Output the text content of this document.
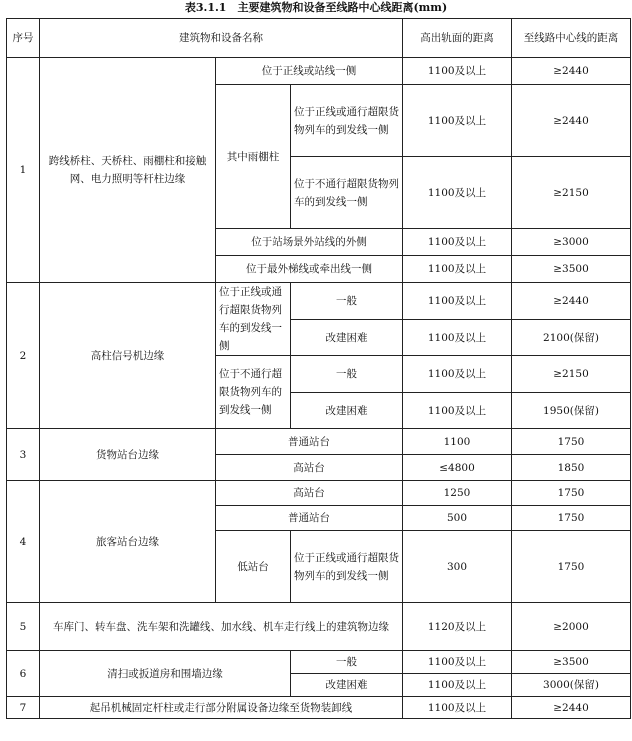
表3.1.1　主要建筑物和设备至线路中心线距离(mm)
序号	建筑物和设备名称			高出轨面的距离	至线路中心线的距离
1	跨线桥柱、天桥柱、雨棚柱和接触网、电力照明等杆柱边缘	位于正线或站线一侧		1100及以上	≥2440
		其中雨棚柱	位于正线或通行超限货物列车的到发线一侧	1100及以上	≥2440
			位于不通行超限货物列车的到发线一侧	1100及以上	≥2150
		位于站场景外站线的外侧		1100及以上	≥3000
		位于最外梯线或牵出线一侧		1100及以上	≥3500
2	高柱信号机边缘	位于正线或通行超限货物列车的到发线一侧	一般	1100及以上	≥2440
			改建困难	1100及以上	2100(保留)
		位于不通行超限货物列车的到发线一侧	一般	1100及以上	≥2150
			改建困难	1100及以上	1950(保留)
3	货物站台边缘	普通站台		1100	1750
		高站台		≤4800	1850
4	旅客站台边缘	高站台		1250	1750
		普通站台		500	1750
		低站台	位于正线或通行超限货物列车的到发线一侧	300	1750
5	车库门、转车盘、洗车架和洗罐线、加水线、机车走行线上的建筑物边缘			1120及以上	≥2000
6	清扫或扳道房和围墙边缘		一般	1100及以上	≥3500
			改建困难	1100及以上	3000(保留)
7	起吊机械固定杆柱或走行部分附属设备边缘至货物装卸线			1100及以上	≥2440
